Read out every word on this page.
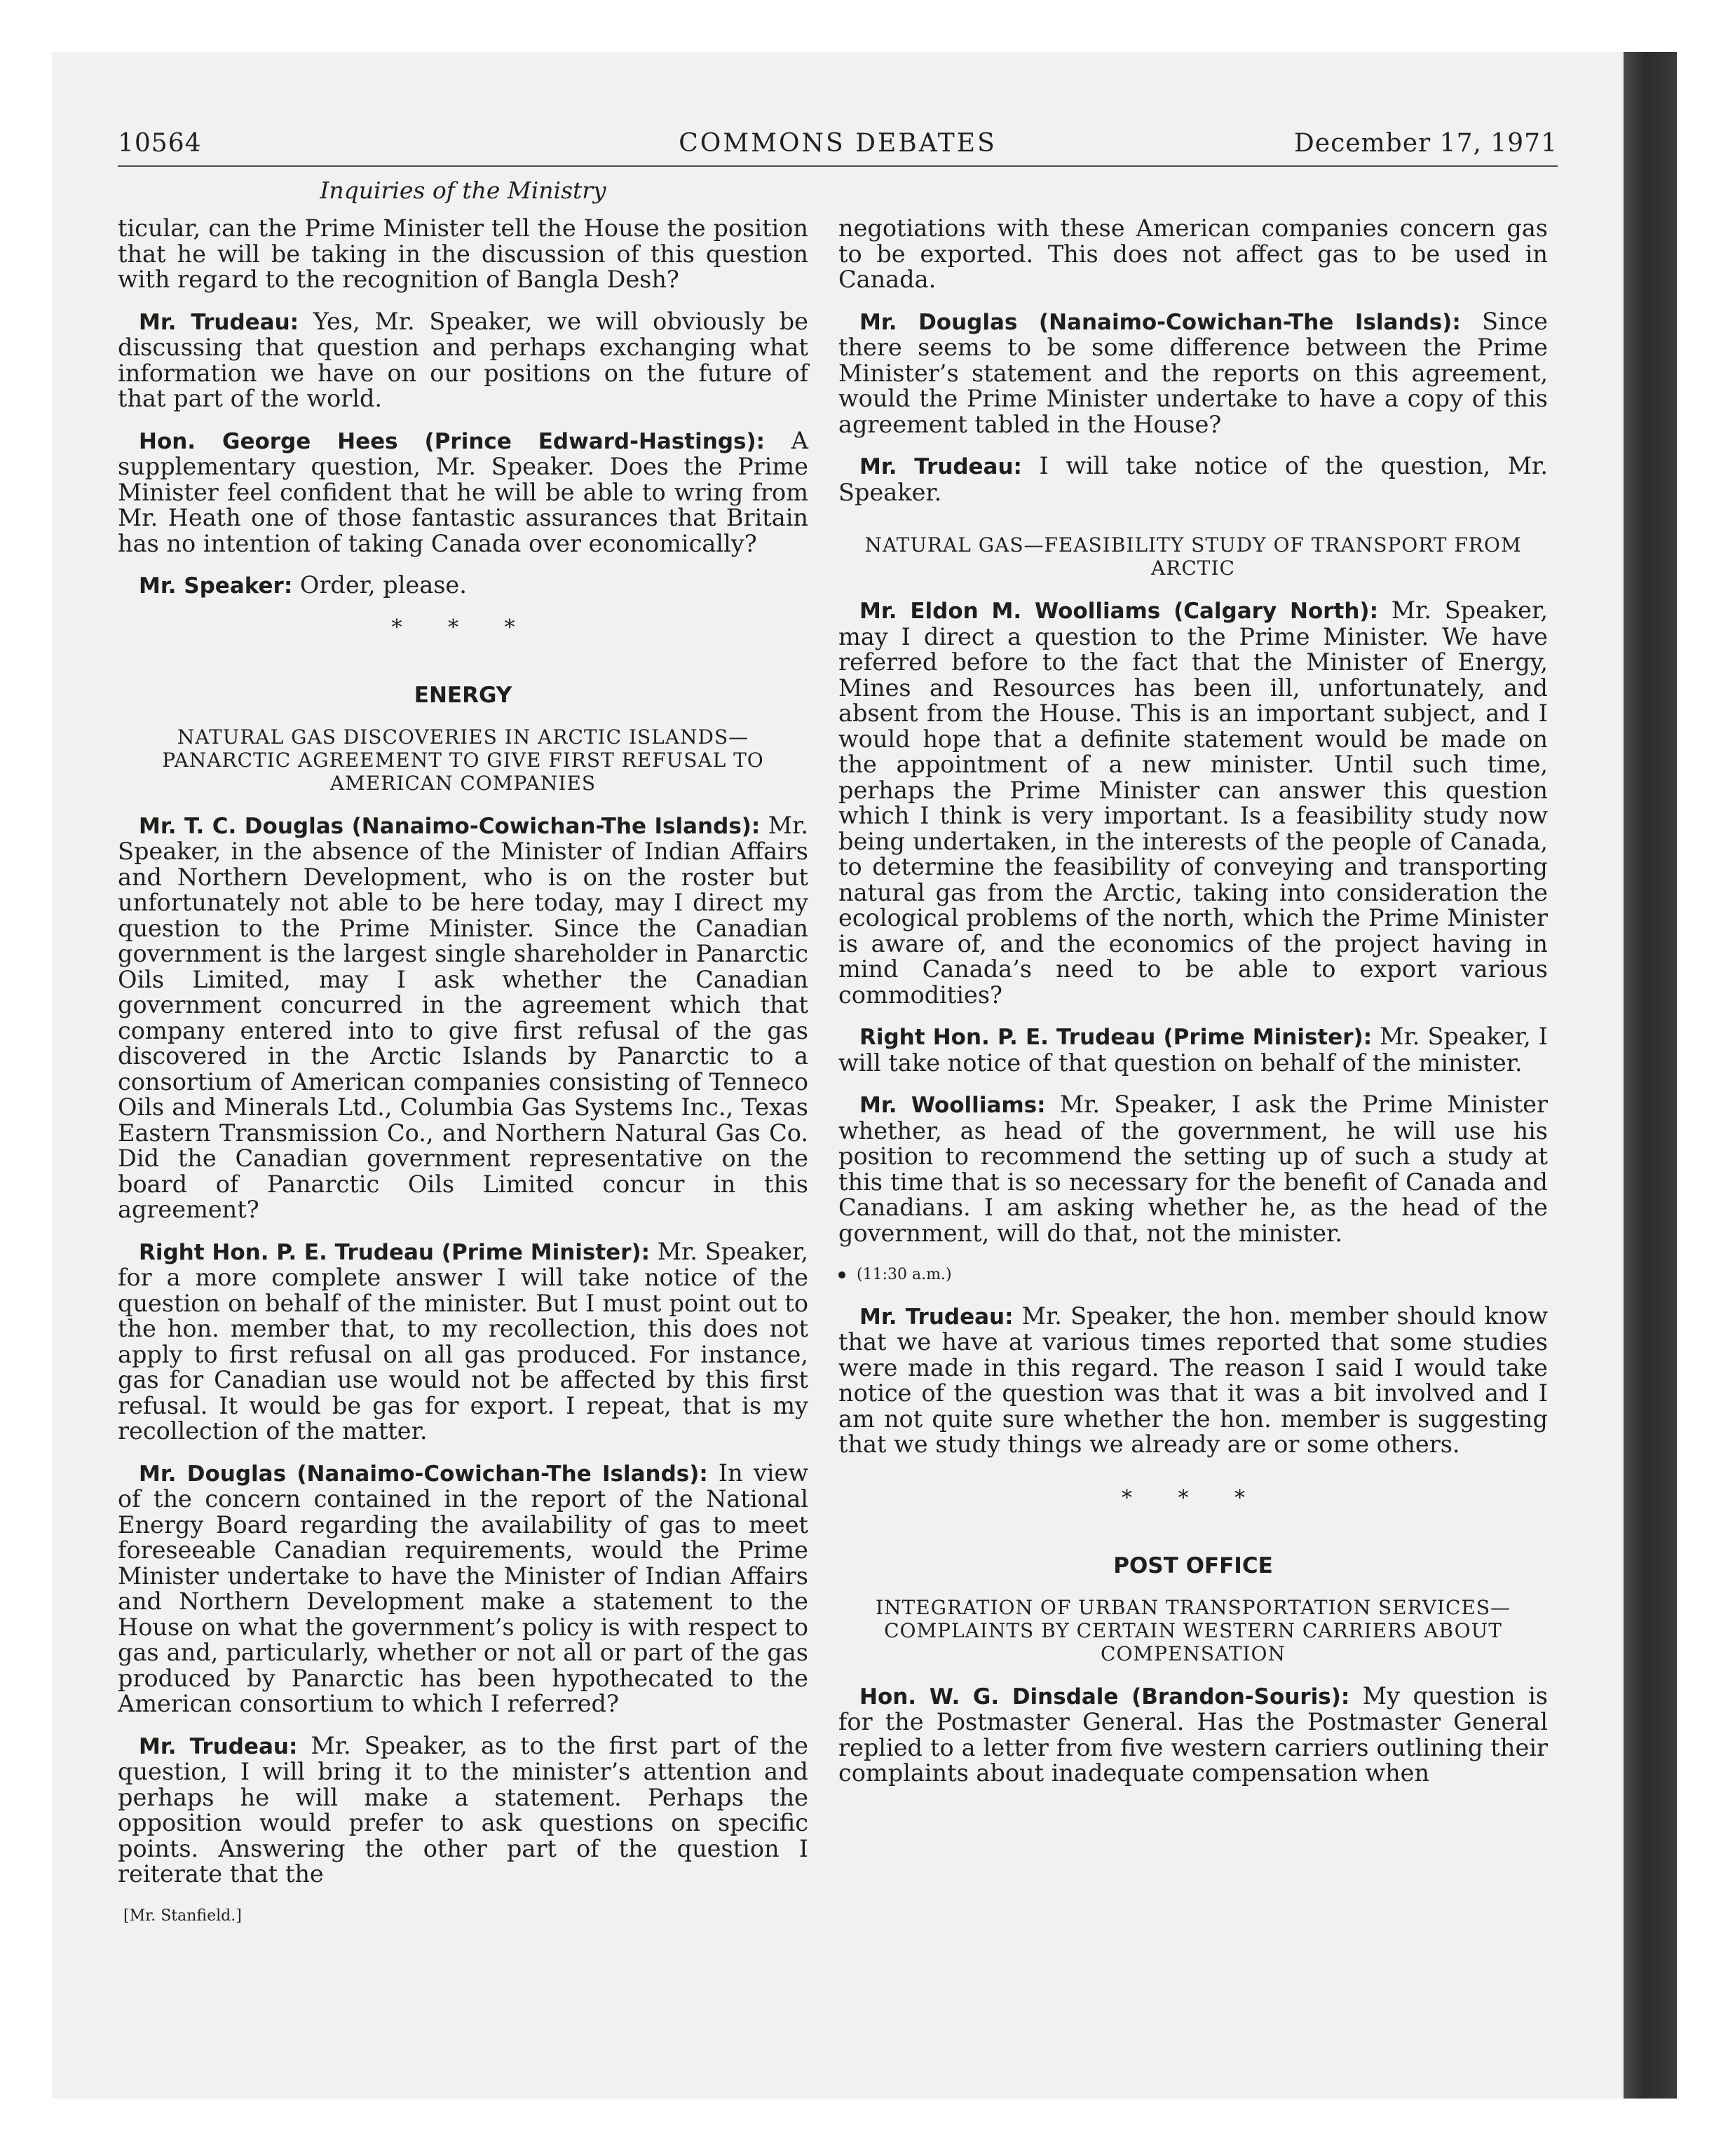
10564	COMMONS DEBATES	December 17, 1971
Inquiries of the Ministry

ticular, can the Prime Minister tell the House the position that he will be taking in the discussion of this question with regard to the recognition of Bangla Desh?

Mr. Trudeau: Yes, Mr. Speaker, we will obviously be discussing that question and perhaps exchanging what information we have on our positions on the future of that part of the world.

Hon. George Hees (Prince Edward-Hastings): A supplementary question, Mr. Speaker. Does the Prime Minister feel confident that he will be able to wring from Mr. Heath one of those fantastic assurances that Britain has no intention of taking Canada over economically?

Mr. Speaker: Order, please.

* * *
ENERGY
NATURAL GAS DISCOVERIES IN ARCTIC ISLANDS— PANARCTIC AGREEMENT TO GIVE FIRST REFUSAL TO AMERICAN COMPANIES

Mr. T. C. Douglas (Nanaimo-Cowichan-The Islands): Mr. Speaker, in the absence of the Minister of Indian Affairs and Northern Development, who is on the roster but unfortunately not able to be here today, may I direct my question to the Prime Minister. Since the Canadian government is the largest single shareholder in Panarctic Oils Limited, may I ask whether the Canadian government concurred in the agreement which that company entered into to give first refusal of the gas discovered in the Arctic Islands by Panarctic to a consortium of American companies consisting of Tenneco Oils and Minerals Ltd., Columbia Gas Systems Inc., Texas Eastern Transmission Co., and Northern Natural Gas Co. Did the Canadian government representative on the board of Panarctic Oils Limited concur in this agreement?

Right Hon. P. E. Trudeau (Prime Minister): Mr. Speaker, for a more complete answer I will take notice of the question on behalf of the minister. But I must point out to the hon. member that, to my recollection, this does not apply to first refusal on all gas produced. For instance, gas for Canadian use would not be affected by this first refusal. It would be gas for export. I repeat, that is my recollection of the matter.

Mr. Douglas (Nanaimo-Cowichan-The Islands): In view of the concern contained in the report of the National Energy Board regarding the availability of gas to meet foreseeable Canadian requirements, would the Prime Minister undertake to have the Minister of Indian Affairs and Northern Development make a statement to the House on what the government’s policy is with respect to gas and, particularly, whether or not all or part of the gas produced by Panarctic has been hypothecated to the American consortium to which I referred?

Mr. Trudeau: Mr. Speaker, as to the first part of the question, I will bring it to the minister’s attention and perhaps he will make a statement. Perhaps the opposition would prefer to ask questions on specific points. Answering the other part of the question I reiterate that the

[Mr. Stanfield.]

negotiations with these American companies concern gas to be exported. This does not affect gas to be used in Canada.

Mr. Douglas (Nanaimo-Cowichan-The Islands): Since there seems to be some difference between the Prime Minister’s statement and the reports on this agreement, would the Prime Minister undertake to have a copy of this agreement tabled in the House?

Mr. Trudeau: I will take notice of the question, Mr. Speaker.

NATURAL GAS—FEASIBILITY STUDY OF TRANSPORT FROM ARCTIC

Mr. Eldon M. Woolliams (Calgary North): Mr. Speaker, may I direct a question to the Prime Minister. We have referred before to the fact that the Minister of Energy, Mines and Resources has been ill, unfortunately, and absent from the House. This is an important subject, and I would hope that a definite statement would be made on the appointment of a new minister. Until such time, perhaps the Prime Minister can answer this question which I think is very important. Is a feasibility study now being undertaken, in the interests of the people of Canada, to determine the feasibility of conveying and transporting natural gas from the Arctic, taking into consideration the ecological problems of the north, which the Prime Minister is aware of, and the economics of the project having in mind Canada’s need to be able to export various commodities?

Right Hon. P. E. Trudeau (Prime Minister): Mr. Speaker, I will take notice of that question on behalf of the minister.

Mr. Woolliams: Mr. Speaker, I ask the Prime Minister whether, as head of the government, he will use his position to recommend the setting up of such a study at this time that is so necessary for the benefit of Canada and Canadians. I am asking whether he, as the head of the government, will do that, not the minister.

(11:30 a.m.)

Mr. Trudeau: Mr. Speaker, the hon. member should know that we have at various times reported that some studies were made in this regard. The reason I said I would take notice of the question was that it was a bit involved and I am not quite sure whether the hon. member is suggesting that we study things we already are or some others.

* * *
POST OFFICE
INTEGRATION OF URBAN TRANSPORTATION SERVICES— COMPLAINTS BY CERTAIN WESTERN CARRIERS ABOUT COMPENSATION

Hon. W. G. Dinsdale (Brandon-Souris): My question is for the Postmaster General. Has the Postmaster General replied to a letter from five western carriers outlining their complaints about inadequate compensation when
